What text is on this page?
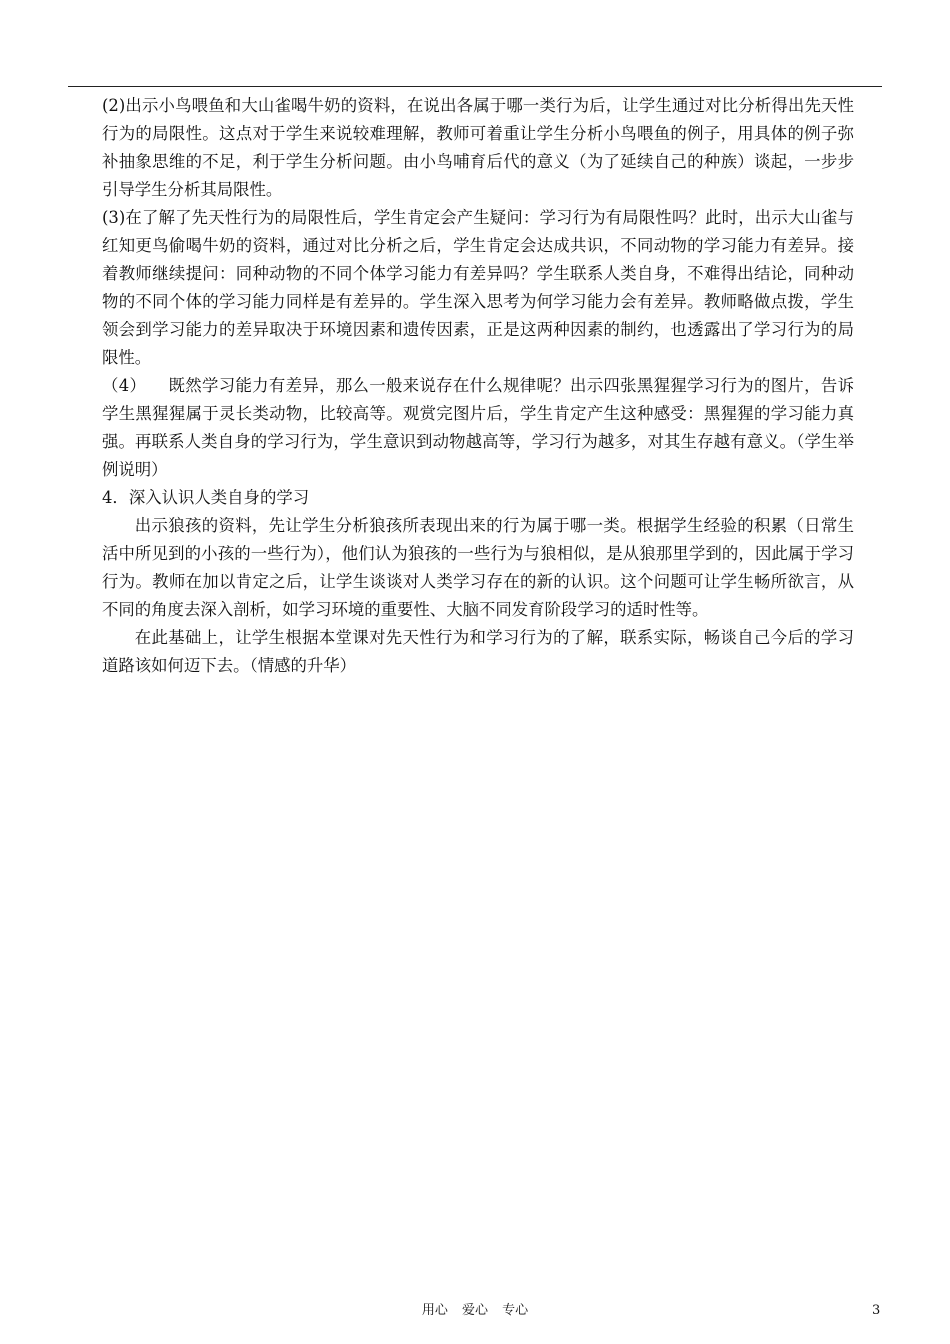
(2)出示小鸟喂鱼和大山雀喝牛奶的资料，在说出各属于哪一类行为后，让学生通过对比分析得出先天性行为的局限性。这点对于学生来说较难理解，教师可着重让学生分析小鸟喂鱼的例子，用具体的例子弥补抽象思维的不足，利于学生分析问题。由小鸟哺育后代的意义（为了延续自己的种族）谈起，一步步引导学生分析其局限性。

(3)在了解了先天性行为的局限性后，学生肯定会产生疑问：学习行为有局限性吗？此时，出示大山雀与红知更鸟偷喝牛奶的资料，通过对比分析之后，学生肯定会达成共识，不同动物的学习能力有差异。接着教师继续提问：同种动物的不同个体学习能力有差异吗？学生联系人类自身，不难得出结论，同种动物的不同个体的学习能力同样是有差异的。学生深入思考为何学习能力会有差异。教师略做点拨，学生领会到学习能力的差异取决于环境因素和遗传因素，正是这两种因素的制约，也透露出了学习行为的局限性。

（4） 既然学习能力有差异，那么一般来说存在什么规律呢？出示四张黑猩猩学习行为的图片，告诉学生黑猩猩属于灵长类动物，比较高等。观赏完图片后，学生肯定产生这种感受：黑猩猩的学习能力真强。再联系人类自身的学习行为，学生意识到动物越高等，学习行为越多，对其生存越有意义。（学生举例说明）

4．深入认识人类自身的学习

出示狼孩的资料，先让学生分析狼孩所表现出来的行为属于哪一类。根据学生经验的积累（日常生活中所见到的小孩的一些行为），他们认为狼孩的一些行为与狼相似，是从狼那里学到的，因此属于学习行为。教师在加以肯定之后，让学生谈谈对人类学习存在的新的认识。这个问题可让学生畅所欲言，从不同的角度去深入剖析，如学习环境的重要性、大脑不同发育阶段学习的适时性等。

在此基础上，让学生根据本堂课对先天性行为和学习行为的了解，联系实际，畅谈自己今后的学习道路该如何迈下去。（情感的升华）

用心 爱心 专心	3
